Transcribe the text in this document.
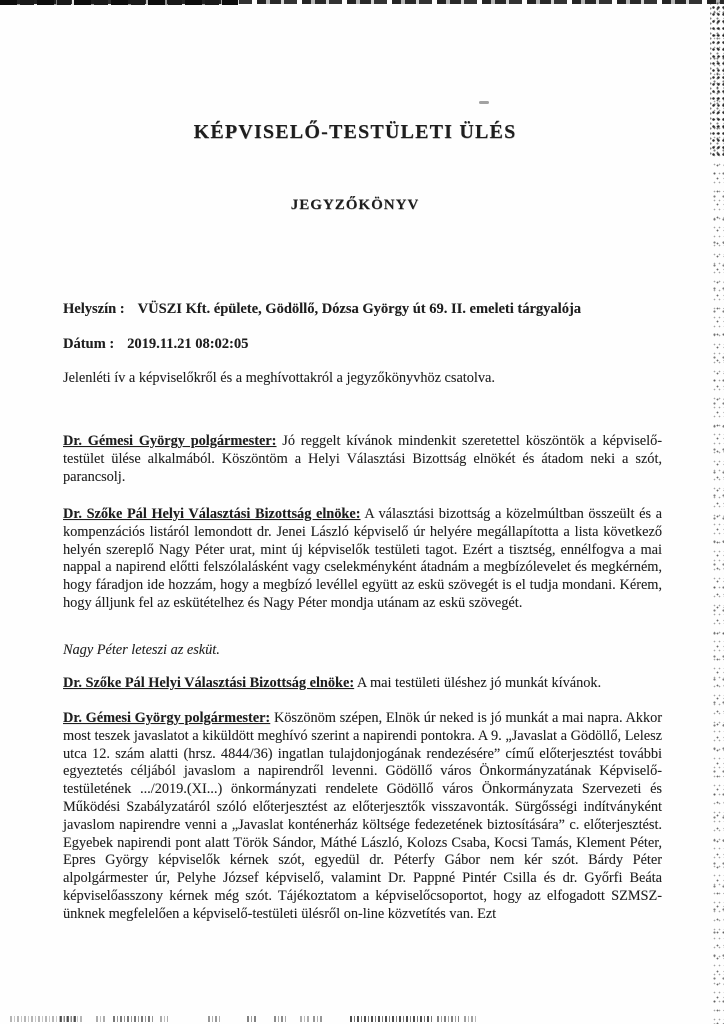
KÉPVISELŐ-TESTÜLETI ÜLÉS
JEGYZŐKÖNYV
Helyszín : VÜSZI Kft. épülete, Gödöllő, Dózsa György út 69. II. emeleti tárgyalója
Dátum : 2019.11.21 08:02:05
Jelenléti ív a képviselőkről és a meghívottakról a jegyzőkönyvhöz csatolva.

Dr. Gémesi György polgármester: Jó reggelt kívánok mindenkit szeretettel köszöntök a képviselő-testület ülése alkalmából. Köszöntöm a Helyi Választási Bizottság elnökét és átadom neki a szót, parancsolj.

Dr. Szőke Pál Helyi Választási Bizottság elnöke: A választási bizottság a közelmúltban összeült és a kompenzációs listáról lemondott dr. Jenei László képviselő úr helyére megállapította a lista következő helyén szereplő Nagy Péter urat, mint új képviselők testületi tagot. Ezért a tisztség, ennélfogva a mai nappal a napirend előtti felszólalásként vagy cselekményként átadnám a megbízólevelet és megkérném, hogy fáradjon ide hozzám, hogy a megbízó levéllel együtt az eskü szövegét is el tudja mondani. Kérem, hogy álljunk fel az eskütételhez és Nagy Péter mondja utánam az eskü szövegét.

Nagy Péter leteszi az esküt.

Dr. Szőke Pál Helyi Választási Bizottság elnöke: A mai testületi üléshez jó munkát kívánok.

Dr. Gémesi György polgármester: Köszönöm szépen, Elnök úr neked is jó munkát a mai napra. Akkor most teszek javaslatot a kiküldött meghívó szerint a napirendi pontokra. A 9. „Javaslat a Gödöllő, Lelesz utca 12. szám alatti (hrsz. 4844/36) ingatlan tulajdonjogának rendezésére” című előterjesztést további egyeztetés céljából javaslom a napirendről levenni. Gödöllő város Önkormányzatának Képviselő-testületének .../2019.(XI...) önkormányzati rendelete Gödöllő város Önkormányzata Szervezeti és Működési Szabályzatáról szóló előterjesztést az előterjesztők visszavonták. Sürgősségi indítványként javaslom napirendre venni a „Javaslat konténerház költsége fedezetének biztosítására” c. előterjesztést. Egyebek napirendi pont alatt Török Sándor, Máthé László, Kolozs Csaba, Kocsi Tamás, Klement Péter, Epres György képviselők kérnek szót, egyedül dr. Péterfy Gábor nem kér szót. Bárdy Péter alpolgármester úr, Pelyhe József képviselő, valamint Dr. Pappné Pintér Csilla és dr. Győrfi Beáta képviselőasszony kérnek még szót. Tájékoztatom a képviselőcsoportot, hogy az elfogadott SZMSZ-ünknek megfelelően a képviselő-testületi ülésről on-line közvetítés van. Ezt
